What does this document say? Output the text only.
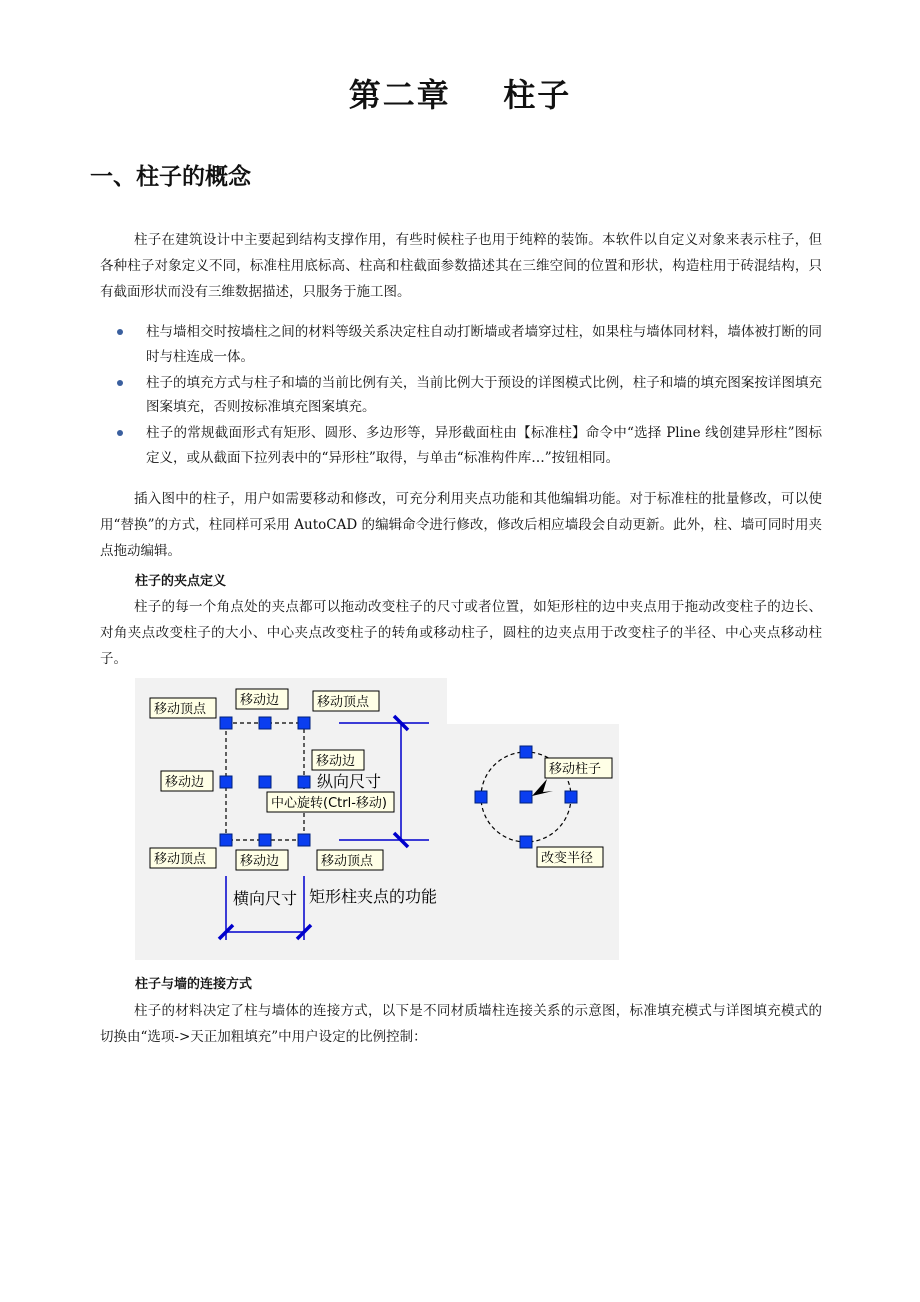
第二章    柱子
一、柱子的概念

柱子在建筑设计中主要起到结构支撑作用，有些时候柱子也用于纯粹的装饰。本软件以自定义对象来表示柱子，但各种柱子对象定义不同，标准柱用底标高、柱高和柱截面参数描述其在三维空间的位置和形状，构造柱用于砖混结构，只有截面形状而没有三维数据描述，只服务于施工图。

柱与墙相交时按墙柱之间的材料等级关系决定柱自动打断墙或者墙穿过柱，如果柱与墙体同材料，墙体被打断的同时与柱连成一体。
柱子的填充方式与柱子和墙的当前比例有关，当前比例大于预设的详图模式比例，柱子和墙的填充图案按详图填充图案填充，否则按标准填充图案填充。
柱子的常规截面形式有矩形、圆形、多边形等，异形截面柱由【标准柱】命令中“选择 Pline 线创建异形柱”图标定义，或从截面下拉列表中的“异形柱”取得，与单击“标准构件库…”按钮相同。

插入图中的柱子，用户如需要移动和修改，可充分利用夹点功能和其他编辑功能。对于标准柱的批量修改，可以使用“替换”的方式，柱同样可采用 AutoCAD 的编辑命令进行修改，修改后相应墙段会自动更新。此外，柱、墙可同时用夹点拖动编辑。

柱子的夹点定义

柱子的每一个角点处的夹点都可以拖动改变柱子的尺寸或者位置，如矩形柱的边中夹点用于拖动改变柱子的边长、对角夹点改变柱子的大小、中心夹点改变柱子的转角或移动柱子，圆柱的边夹点用于改变柱子的半径、中心夹点移动柱子。

移动顶点
移动边	移动顶点
移动边
移动边	纵向尺寸
中心旋转(Ctrl-移动)
移动顶点	移动边	移动顶点
横向尺寸 矩形柱夹点的功能
移动柱子
改变半径
柱子与墙的连接方式

柱子的材料决定了柱与墙体的连接方式，以下是不同材质墙柱连接关系的示意图，标准填充模式与详图填充模式的切换由“选项->天正加粗填充”中用户设定的比例控制：
